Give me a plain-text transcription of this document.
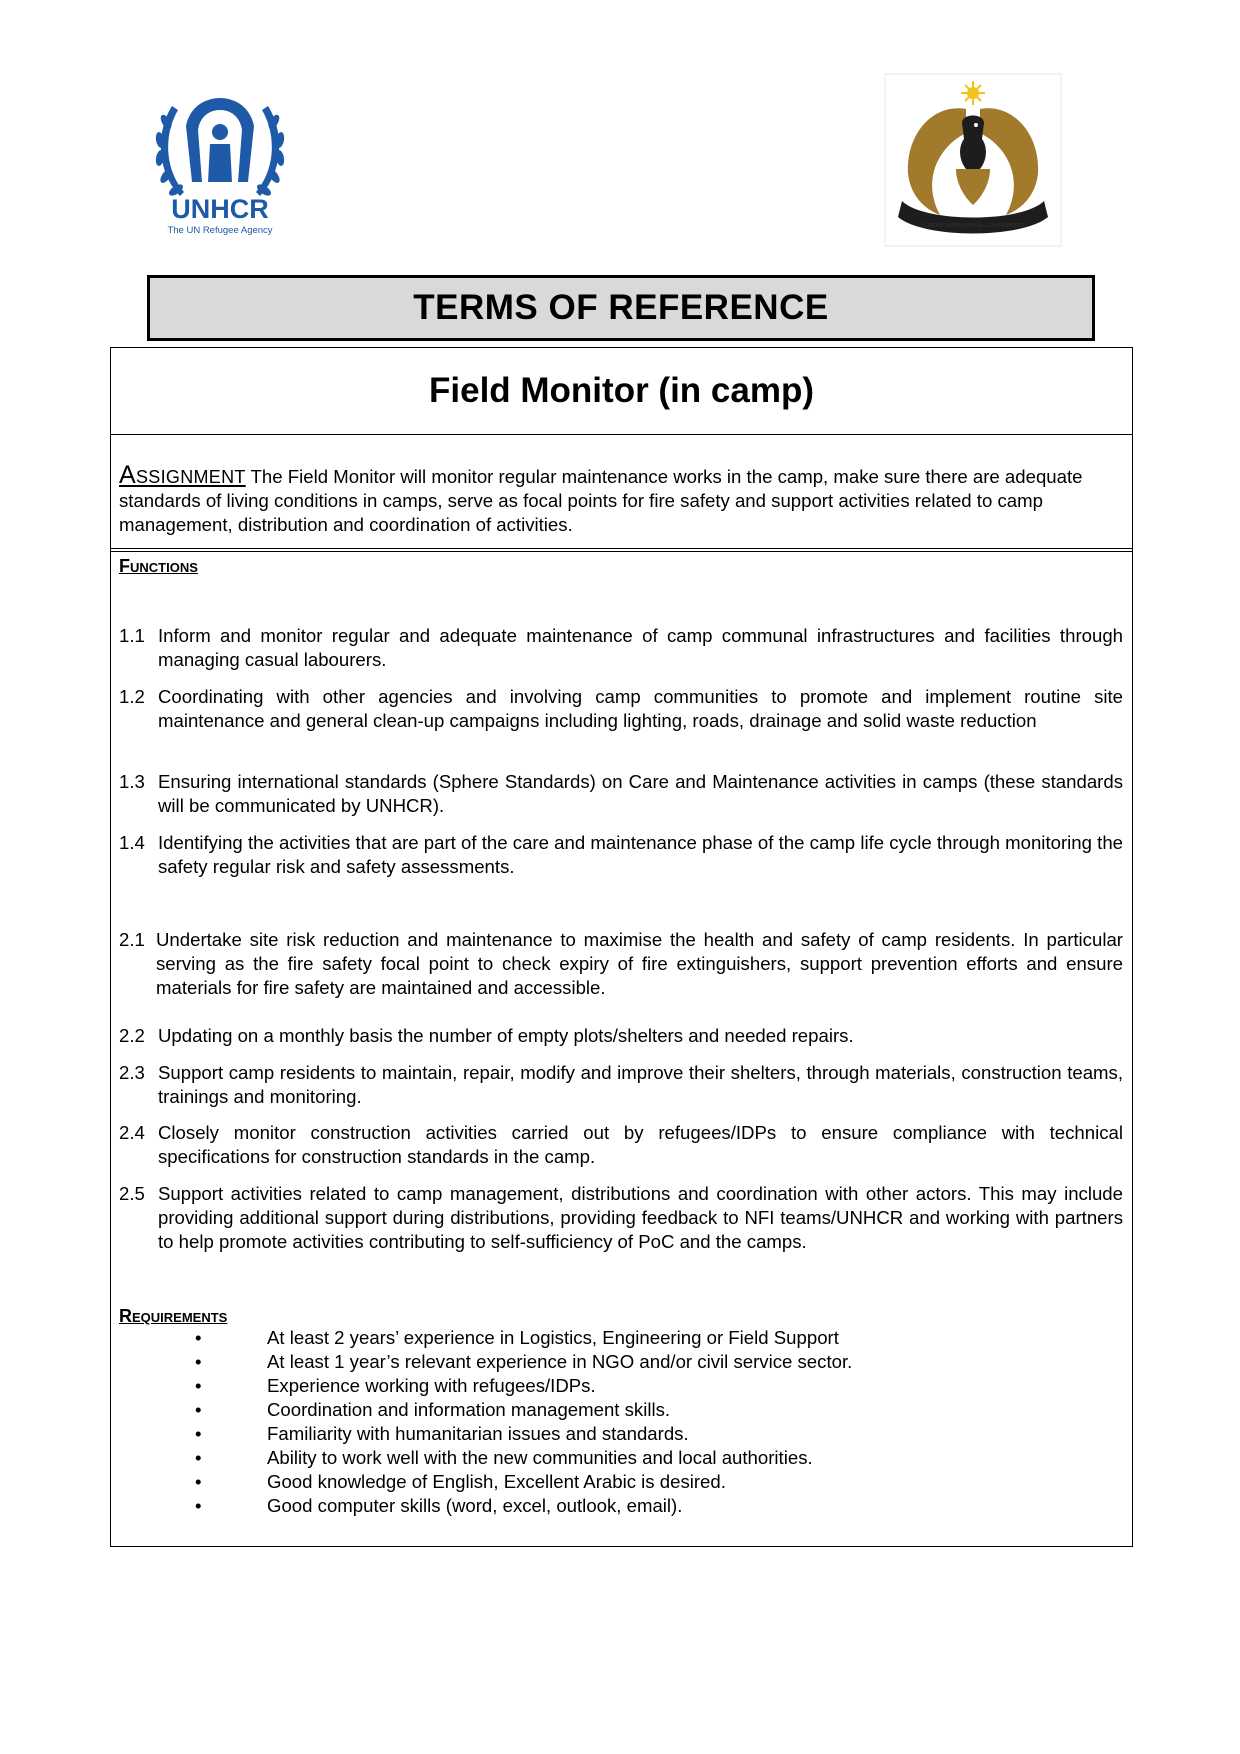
UNHCR
The UN Refugee Agency	KURDISTAN REGIONAL GOVERNMENT
TERMS OF REFERENCE
Field Monitor (in camp)
Assignment The Field Monitor will monitor regular maintenance works in the camp, make sure there are adequate standards of living conditions in camps, serve as focal points for fire safety and support activities related to camp management, distribution and coordination of activities.
Functions
1.1 Inform and monitor regular and adequate maintenance of camp communal infrastructures and facilities through managing casual labourers.
1.2 Coordinating with other agencies and involving camp communities to promote and implement routine site maintenance and general clean-up campaigns including lighting, roads, drainage and solid waste reduction
1.3 Ensuring international standards (Sphere Standards) on Care and Maintenance activities in camps (these standards will be communicated by UNHCR).
1.4 Identifying the activities that are part of the care and maintenance phase of the camp life cycle through monitoring the safety regular risk and safety assessments.
2.1 Undertake site risk reduction and maintenance to maximise the health and safety of camp residents. In particular serving as the fire safety focal point to check expiry of fire extinguishers, support prevention efforts and ensure materials for fire safety are maintained and accessible.
2.2 Updating on a monthly basis the number of empty plots/shelters and needed repairs.
2.3 Support camp residents to maintain, repair, modify and improve their shelters, through materials, construction teams, trainings and monitoring.
2.4 Closely monitor construction activities carried out by refugees/IDPs to ensure compliance with technical specifications for construction standards in the camp.
2.5 Support activities related to camp management, distributions and coordination with other actors. This may include providing additional support during distributions, providing feedback to NFI teams/UNHCR and working with partners to help promote activities contributing to self-sufficiency of PoC and the camps.
Requirements
•	At least 2 years’ experience in Logistics, Engineering or Field Support
•	At least 1 year’s relevant experience in NGO and/or civil service sector.
•	Experience working with refugees/IDPs.
•	Coordination and information management skills.
•	Familiarity with humanitarian issues and standards.
•	Ability to work well with the new communities and local authorities.
•	Good knowledge of English, Excellent Arabic is desired.
•	Good computer skills (word, excel, outlook, email).
